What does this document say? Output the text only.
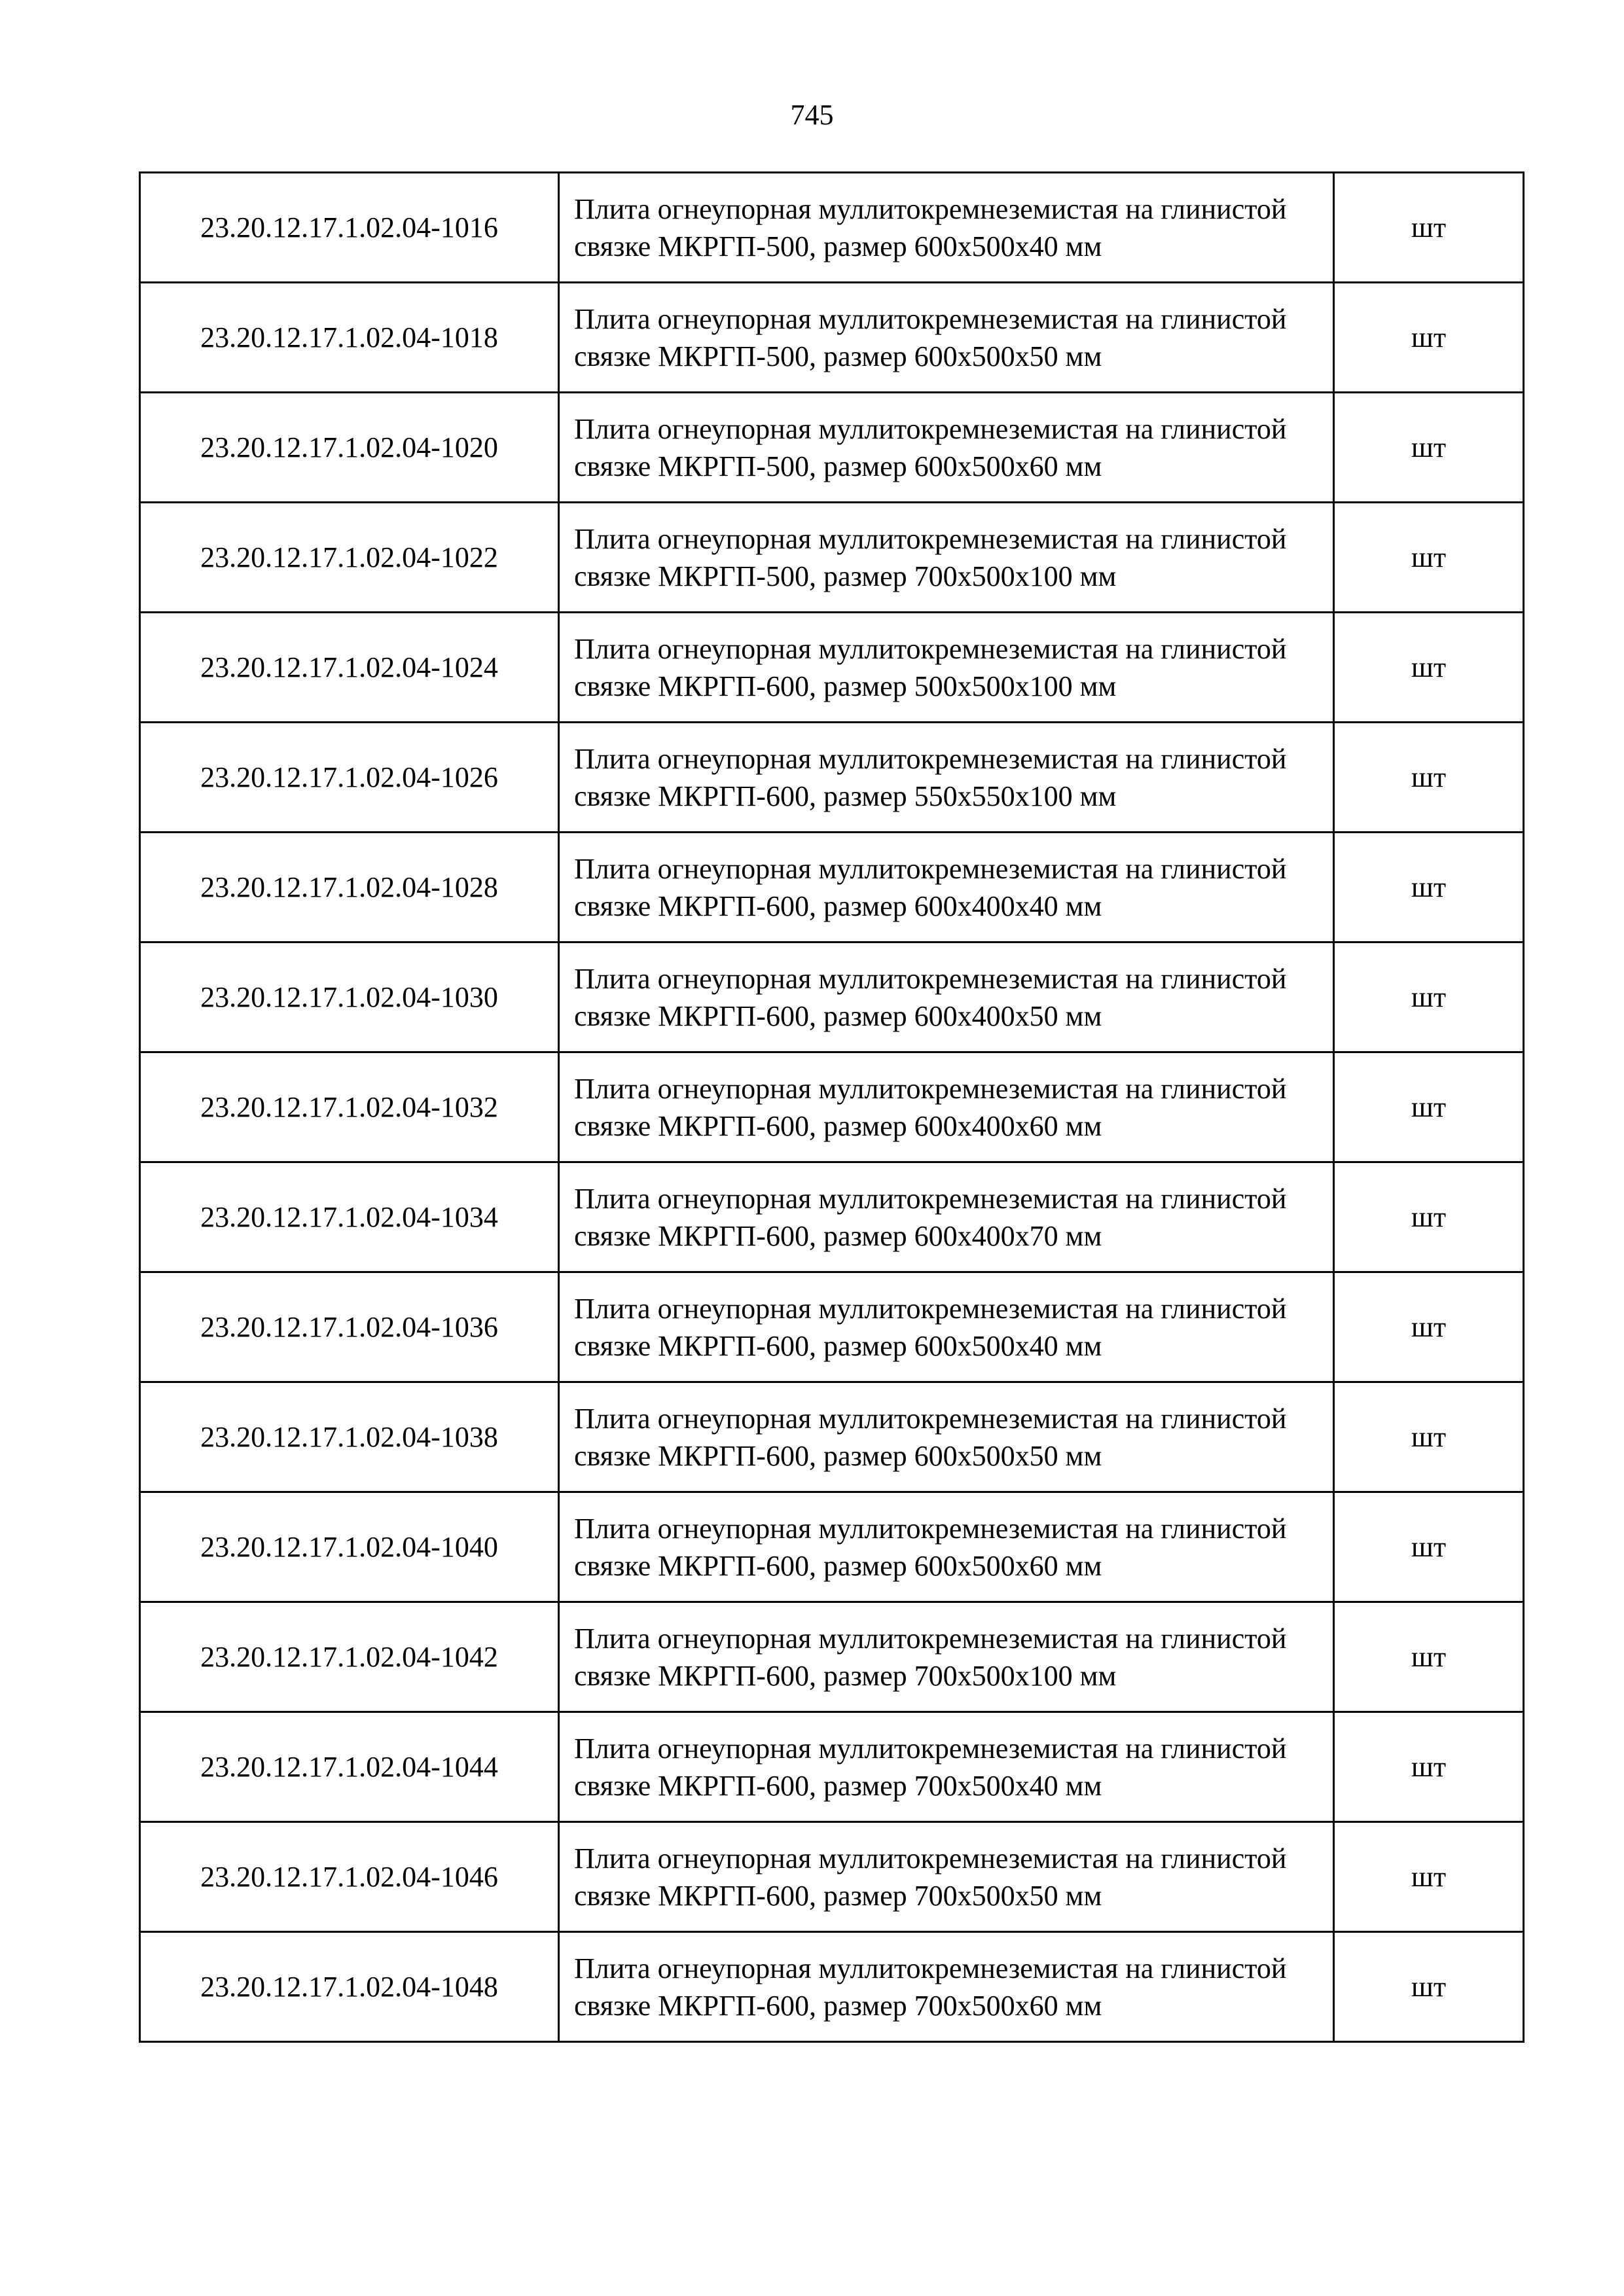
745
23.20.12.17.1.02.04-1016	Плита огнеупорная муллитокремнеземистая на глинистой связке МКРГП-500, размер 600х500х40 мм	шт
23.20.12.17.1.02.04-1018	Плита огнеупорная муллитокремнеземистая на глинистой связке МКРГП-500, размер 600х500х50 мм	шт
23.20.12.17.1.02.04-1020	Плита огнеупорная муллитокремнеземистая на глинистой связке МКРГП-500, размер 600х500х60 мм	шт
23.20.12.17.1.02.04-1022	Плита огнеупорная муллитокремнеземистая на глинистой связке МКРГП-500, размер 700х500х100 мм	шт
23.20.12.17.1.02.04-1024	Плита огнеупорная муллитокремнеземистая на глинистой связке МКРГП-600, размер 500х500х100 мм	шт
23.20.12.17.1.02.04-1026	Плита огнеупорная муллитокремнеземистая на глинистой связке МКРГП-600, размер 550х550х100 мм	шт
23.20.12.17.1.02.04-1028	Плита огнеупорная муллитокремнеземистая на глинистой связке МКРГП-600, размер 600х400х40 мм	шт
23.20.12.17.1.02.04-1030	Плита огнеупорная муллитокремнеземистая на глинистой связке МКРГП-600, размер 600х400х50 мм	шт
23.20.12.17.1.02.04-1032	Плита огнеупорная муллитокремнеземистая на глинистой связке МКРГП-600, размер 600х400х60 мм	шт
23.20.12.17.1.02.04-1034	Плита огнеупорная муллитокремнеземистая на глинистой связке МКРГП-600, размер 600х400х70 мм	шт
23.20.12.17.1.02.04-1036	Плита огнеупорная муллитокремнеземистая на глинистой связке МКРГП-600, размер 600х500х40 мм	шт
23.20.12.17.1.02.04-1038	Плита огнеупорная муллитокремнеземистая на глинистой связке МКРГП-600, размер 600х500х50 мм	шт
23.20.12.17.1.02.04-1040	Плита огнеупорная муллитокремнеземистая на глинистой связке МКРГП-600, размер 600х500х60 мм	шт
23.20.12.17.1.02.04-1042	Плита огнеупорная муллитокремнеземистая на глинистой связке МКРГП-600, размер 700х500х100 мм	шт
23.20.12.17.1.02.04-1044	Плита огнеупорная муллитокремнеземистая на глинистой связке МКРГП-600, размер 700х500х40 мм	шт
23.20.12.17.1.02.04-1046	Плита огнеупорная муллитокремнеземистая на глинистой связке МКРГП-600, размер 700х500х50 мм	шт
23.20.12.17.1.02.04-1048	Плита огнеупорная муллитокремнеземистая на глинистой связке МКРГП-600, размер 700х500х60 мм	шт
